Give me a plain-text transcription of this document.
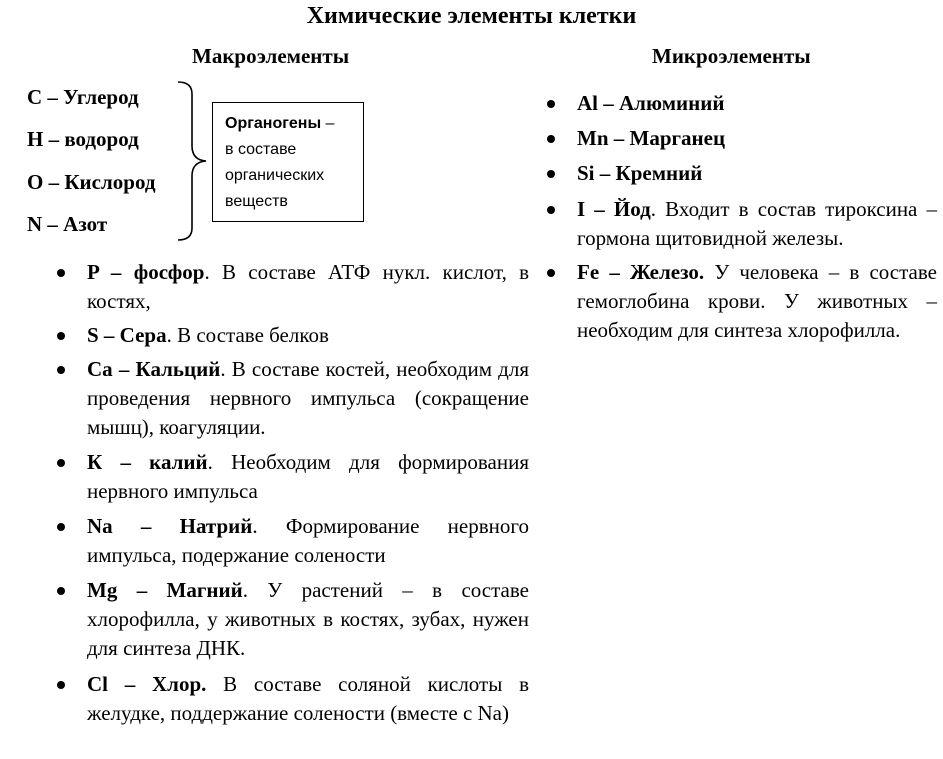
Химические элементы клетки
Макроэлементы
C – Углерод
H – водород
O – Кислород
N – Азот
Органогены –
в составе
органических
веществ
P – фосфор. В составе АТФ нукл. кислот, в костях,
S – Сера. В составе белков
Ca – Кальций. В составе костей, необходим для проведения нервного импульса (сокращение мышц), коагуляции.
К – калий. Необходим для формирования нервного импульса
Na – Натрий. Формирование нервного импульса, подержание солености
Mg – Магний. У растений – в составе хлорофилла, у животных в костях, зубах, нужен для синтеза ДНК.
Cl – Хлор. В составе соляной кислоты в желудке, поддержание солености (вместе с Na)
Микроэлементы
Al – Алюминий
Mn – Марганец
Si – Кремний
I – Йод. Входит в состав тироксина – гормона щитовидной железы.
Fe – Железо. У человека – в составе гемоглобина крови. У животных – необходим для синтеза хлорофилла.
